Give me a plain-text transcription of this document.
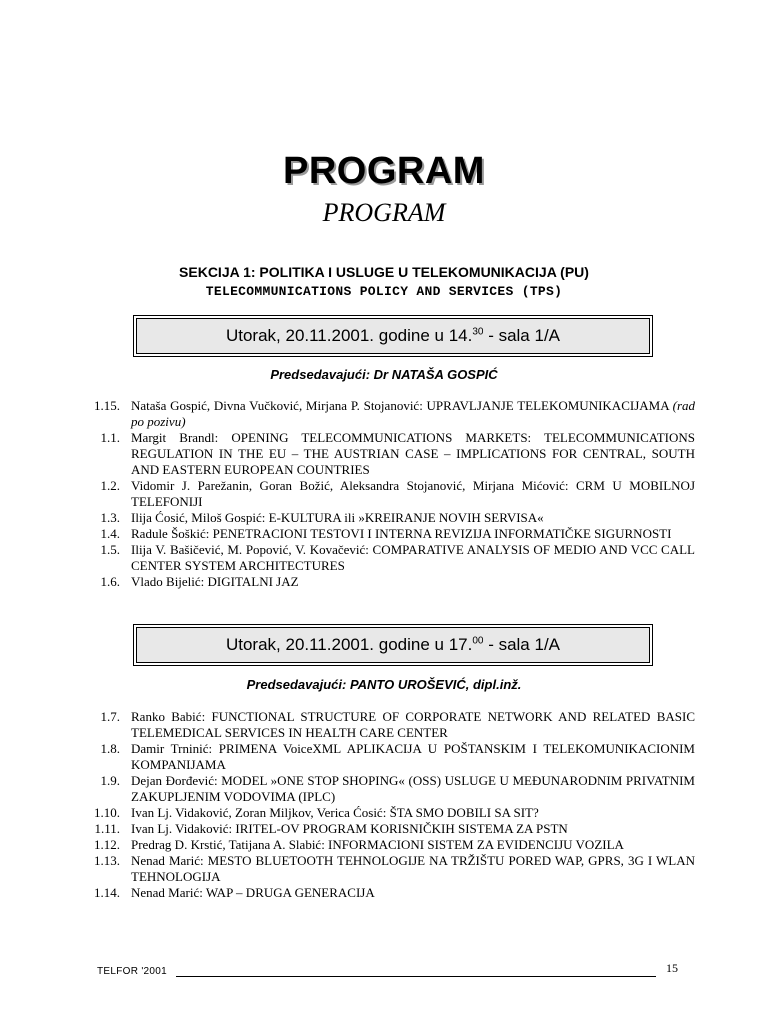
PROGRAM
PROGRAM
SEKCIJA 1: POLITIKA I USLUGE U TELEKOMUNIKACIJA (PU)
TELECOMMUNICATIONS POLICY AND SERVICES (TPS)
Utorak, 20.11.2001. godine u 14.30 - sala 1/A
Predsedavajući: Dr NATAŠA GOSPIĆ
1.15. Nataša Gospić, Divna Vučković, Mirjana P. Stojanović: UPRAVLJANJE TELEKOMUNIKACIJAMA (rad po pozivu)
1.1. Margit Brandl: OPENING TELECOMMUNICATIONS MARKETS: TELECOMMUNICATIONS REGULATION IN THE EU – THE AUSTRIAN CASE – IMPLICATIONS FOR CENTRAL, SOUTH AND EASTERN EUROPEAN COUNTRIES
1.2. Vidomir J. Parežanin, Goran Božić, Aleksandra Stojanović, Mirjana Mićović: CRM U MOBILNOJ TELEFONIJI
1.3. Ilija Ćosić, Miloš Gospić: E-KULTURA ili »KREIRANJE NOVIH SERVISA«
1.4. Radule Šoškić: PENETRACIONI TESTOVI I INTERNA REVIZIJA INFORMATIČKE SIGURNOSTI
1.5. Ilija V. Bašičević, M. Popović, V. Kovačević: COMPARATIVE ANALYSIS OF MEDIO AND VCC CALL CENTER SYSTEM ARCHITECTURES
1.6. Vlado Bijelić: DIGITALNI JAZ
Utorak, 20.11.2001. godine u 17.00 - sala 1/A
Predsedavajući: PANTO UROŠEVIĆ, dipl.inž.
1.7. Ranko Babić: FUNCTIONAL STRUCTURE OF CORPORATE NETWORK AND RELATED BASIC TELEMEDICAL SERVICES IN HEALTH CARE CENTER
1.8. Damir Trninić: PRIMENA VoiceXML APLIKACIJA U POŠTANSKIM I TELEKOMUNIKACIONIM KOMPANIJAMA
1.9. Dejan Đorđević: MODEL »ONE STOP SHOPING« (OSS) USLUGE U MEĐUNARODNIM PRIVATNIM ZAKUPLJENIM VODOVIMA (IPLC)
1.10. Ivan Lj. Vidaković, Zoran Miljkov, Verica Ćosić: ŠTA SMO DOBILI SA SIT?
1.11. Ivan Lj. Vidaković: IRITEL-OV PROGRAM KORISNIČKIH SISTEMA ZA PSTN
1.12. Predrag D. Krstić, Tatijana A. Slabić: INFORMACIONI SISTEM ZA EVIDENCIJU VOZILA
1.13. Nenad Marić: MESTO BLUETOOTH TEHNOLOGIJE NA TRŽIŠTU PORED WAP, GPRS, 3G I WLAN TEHNOLOGIJA
1.14. Nenad Marić: WAP – DRUGA GENERACIJA
TELFOR '2001	15
